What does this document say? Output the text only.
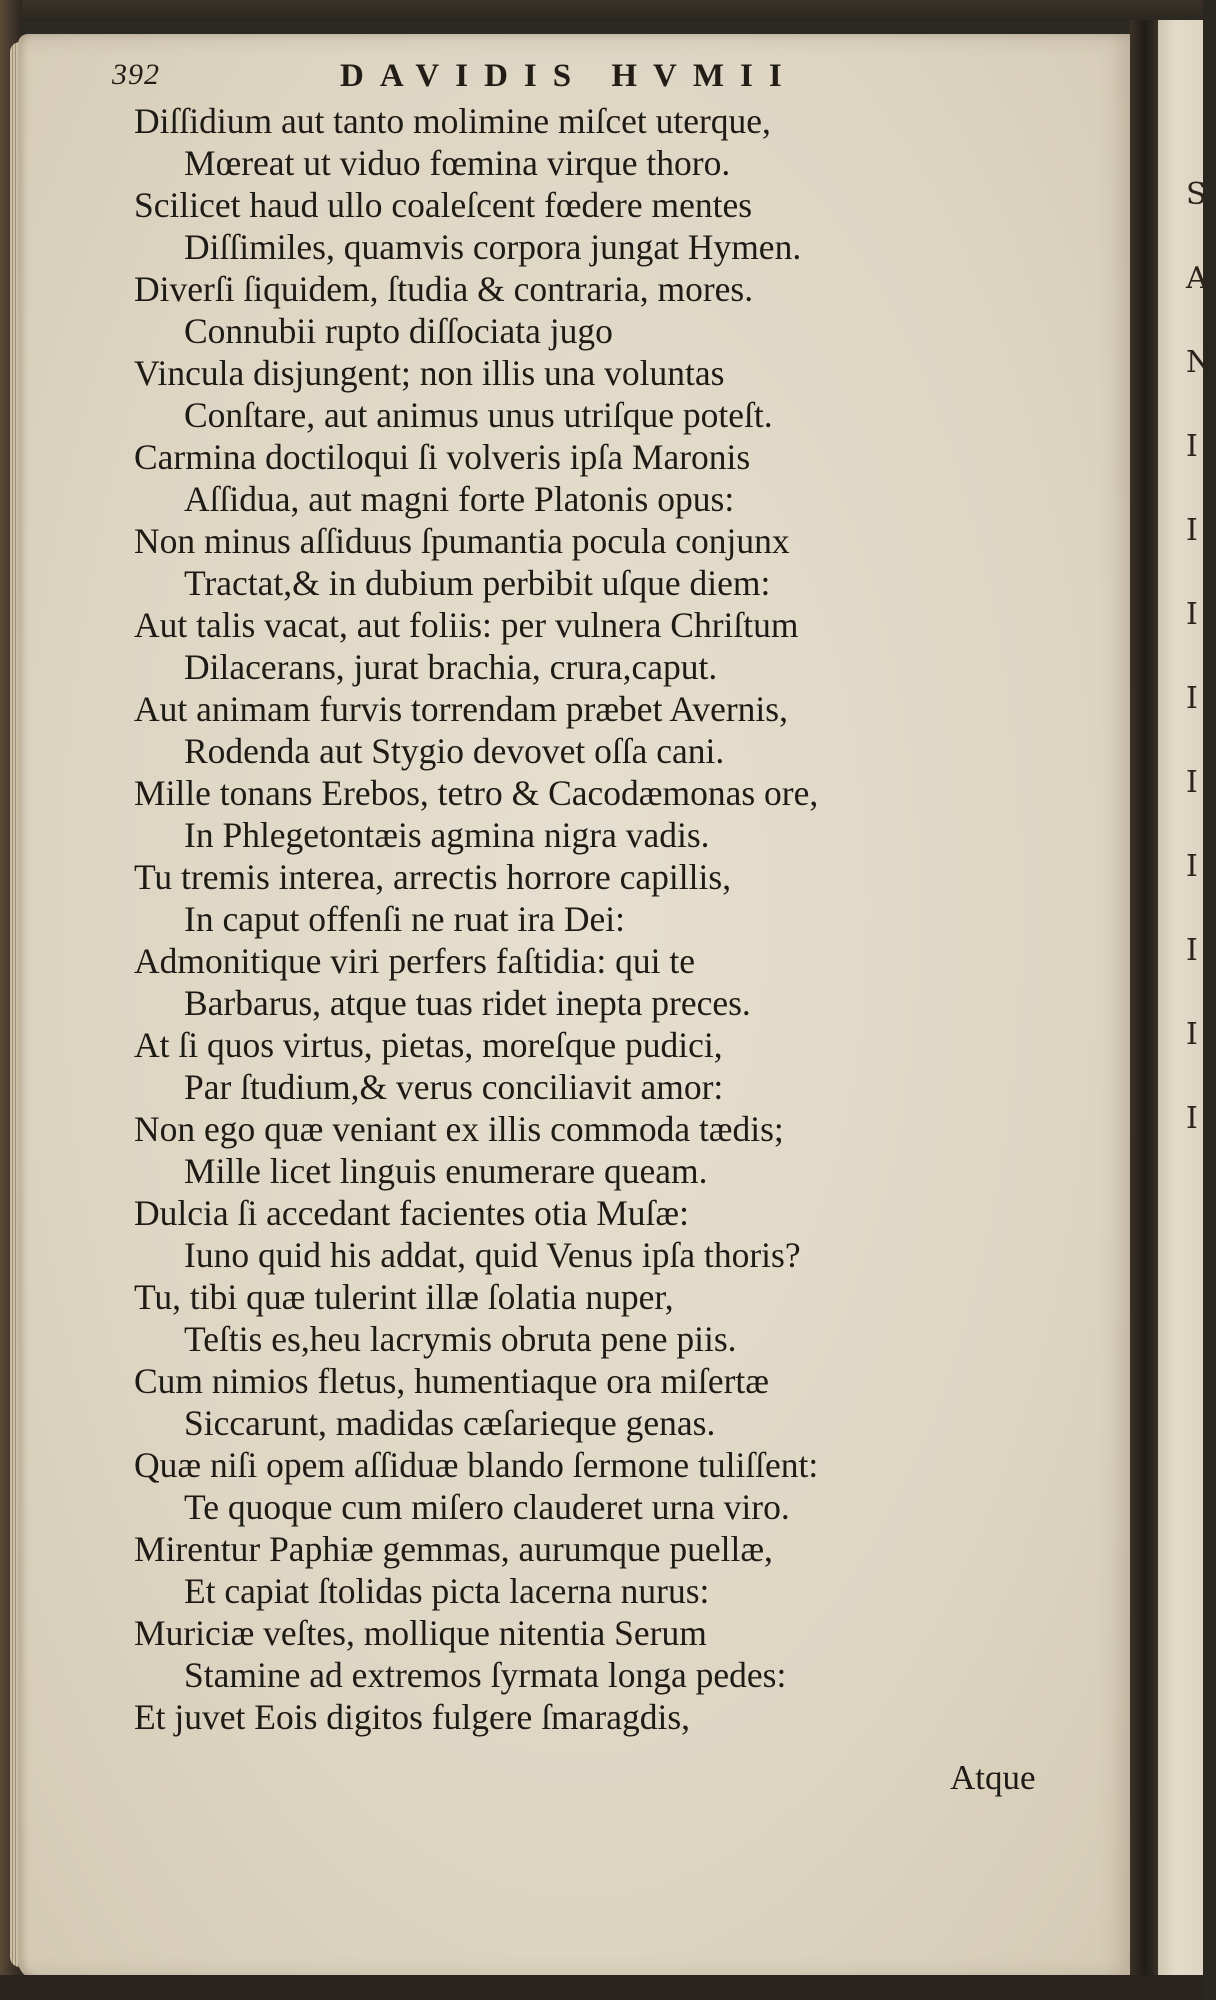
S
A
N
I
I
I
I
I
I
I
I
I
392	DAVIDIS HVMII
Diſſidium aut tanto molimine miſcet uterque,
Mœreat ut viduo fœmina virque thoro.
Scilicet haud ullo coaleſcent fœdere mentes
Diſſimiles, quamvis corpora jungat Hymen.
Diverſi ſiquidem, ſtudia & contraria, mores.
Connubii rupto diſſociata jugo
Vincula disjungent; non illis una voluntas
Conſtare, aut animus unus utriſque poteſt.
Carmina doctiloqui ſi volveris ipſa Maronis
Aſſidua, aut magni forte Platonis opus:
Non minus aſſiduus ſpumantia pocula conjunx
Tractat,& in dubium perbibit uſque diem:
Aut talis vacat, aut foliis: per vulnera Chriſtum
Dilacerans, jurat brachia, crura,caput.
Aut animam furvis torrendam præbet Avernis,
Rodenda aut Stygio devovet oſſa cani.
Mille tonans Erebos, tetro & Cacodæmonas ore,
In Phlegetontæis agmina nigra vadis.
Tu tremis interea, arrectis horrore capillis,
In caput offenſi ne ruat ira Dei:
Admonitique viri perfers faſtidia: qui te
Barbarus, atque tuas ridet inepta preces.
At ſi quos virtus, pietas, moreſque pudici,
Par ſtudium,& verus conciliavit amor:
Non ego quæ veniant ex illis commoda tædis;
Mille licet linguis enumerare queam.
Dulcia ſi accedant facientes otia Muſæ:
Iuno quid his addat, quid Venus ipſa thoris?
Tu, tibi quæ tulerint illæ ſolatia nuper,
Teſtis es,heu lacrymis obruta pene piis.
Cum nimios fletus, humentiaque ora miſertæ
Siccarunt, madidas cæſarieque genas.
Quæ niſi opem aſſiduæ blando ſermone tuliſſent:
Te quoque cum miſero clauderet urna viro.
Mirentur Paphiæ gemmas, aurumque puellæ,
Et capiat ſtolidas picta lacerna nurus:
Muriciæ veſtes, mollique nitentia Serum
Stamine ad extremos ſyrmata longa pedes:
Et juvet Eois digitos fulgere ſmaragdis,
Atque
